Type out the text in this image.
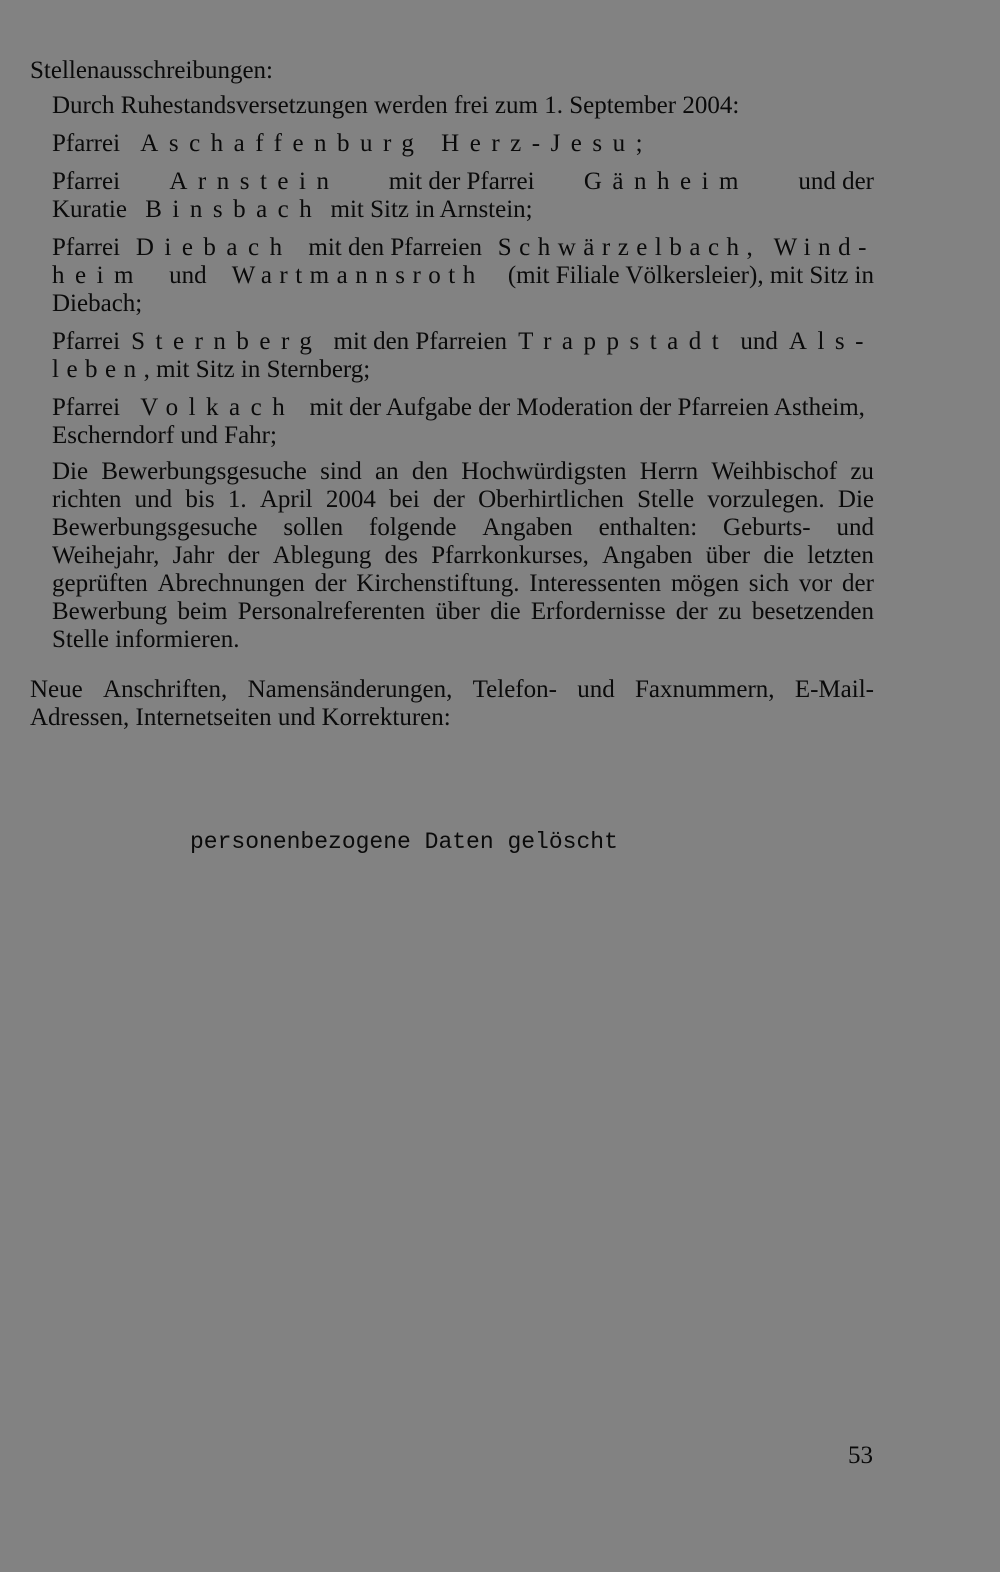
Stellenausschreibungen:
Durch Ruhestandsversetzungen werden frei zum 1. September 2004:
Pfarrei Aschaffenburg Herz-Jesu;
Pfarrei Arnstein mit der Pfarrei Gänheim und der
Kuratie Binsbach mit Sitz in Arnstein;
Pfarrei Diebach mit den Pfarreien Schwärzelbach, Wind-
heim und Wartmannsroth (mit Filiale Völkersleier), mit Sitz in
Diebach;
Pfarrei Sternberg mit den Pfarreien Trappstadt und Als-
leben, mit Sitz in Sternberg;
Pfarrei Volkach mit der Aufgabe der Moderation der Pfarreien Astheim,
Escherndorf und Fahr;
Die Bewerbungsgesuche sind an den Hochwürdigsten Herrn Weihbischof zu
richten und bis 1. April 2004 bei der Oberhirtlichen Stelle vorzulegen. Die
Bewerbungsgesuche sollen folgende Angaben enthalten: Geburts- und
Weihejahr, Jahr der Ablegung des Pfarrkonkurses, Angaben über die letzten
geprüften Abrechnungen der Kirchenstiftung. Interessenten mögen sich vor der
Bewerbung beim Personalreferenten über die Erfordernisse der zu besetzenden
Stelle informieren.
Neue Anschriften, Namensänderungen, Telefon- und Faxnummern, E-Mail-
Adressen, Internetseiten und Korrekturen:
personenbezogene Daten gelöscht
53
